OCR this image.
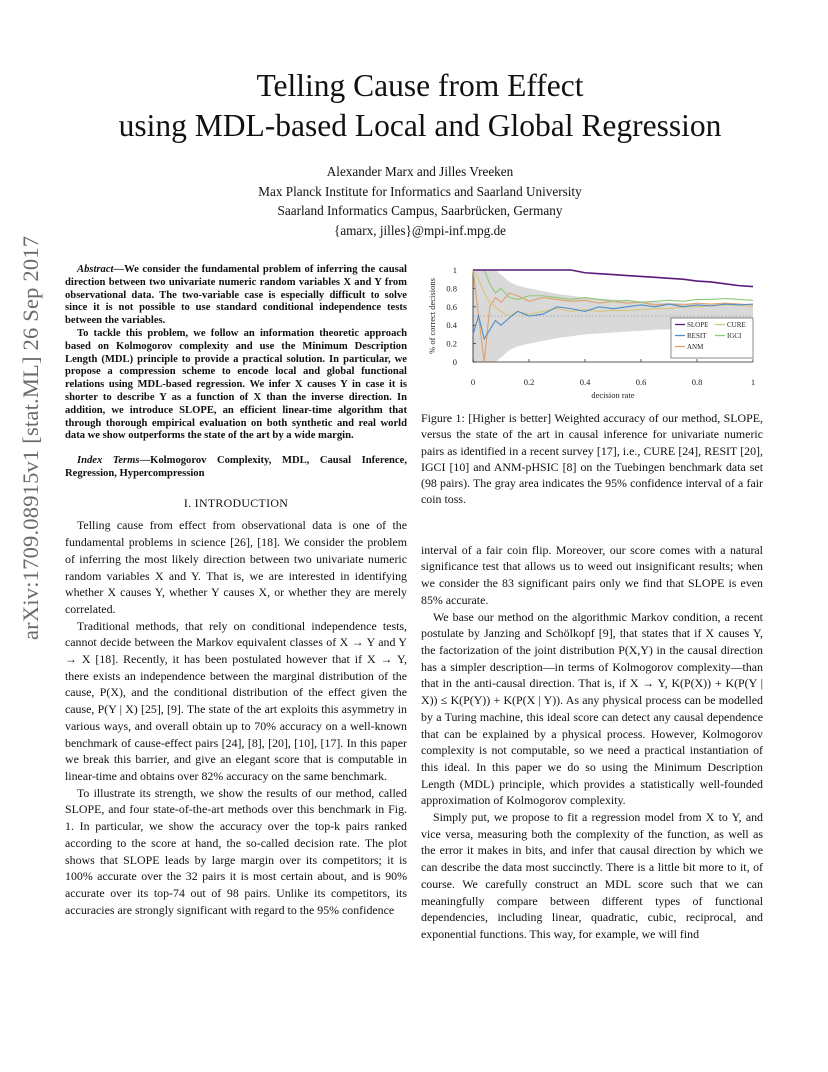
arXiv:1709.08915v1 [stat.ML] 26 Sep 2017
Telling Cause from Effect
using MDL-based Local and Global Regression
Alexander Marx and Jilles Vreeken
Max Planck Institute for Informatics and Saarland University
Saarland Informatics Campus, Saarbrücken, Germany
{amarx, jilles}@mpi-inf.mpg.de

Abstract—We consider the fundamental problem of inferring the causal direction between two univariate numeric random variables X and Y from observational data. The two-variable case is especially difficult to solve since it is not possible to use standard conditional independence tests between the variables.

To tackle this problem, we follow an information theoretic approach based on Kolmogorov complexity and use the Minimum Description Length (MDL) principle to provide a practical solution. In particular, we propose a compression scheme to encode local and global functional relations using MDL-based regression. We infer X causes Y in case it is shorter to describe Y as a function of X than the inverse direction. In addition, we introduce SLOPE, an efficient linear-time algorithm that through thorough empirical evaluation on both synthetic and real world data we show outperforms the state of the art by a wide margin.

Index Terms—Kolmogorov Complexity, MDL, Causal Inference, Regression, Hypercompression

I. INTRODUCTION

Telling cause from effect from observational data is one of the fundamental problems in science [26], [18]. We consider the problem of inferring the most likely direction between two univariate numeric random variables X and Y. That is, we are interested in identifying whether X causes Y, whether Y causes X, or whether they are merely correlated.

Traditional methods, that rely on conditional independence tests, cannot decide between the Markov equivalent classes of X → Y and Y → X [18]. Recently, it has been postulated however that if X → Y, there exists an independence between the marginal distribution of the cause, P(X), and the conditional distribution of the effect given the cause, P(Y | X) [25], [9]. The state of the art exploits this asymmetry in various ways, and overall obtain up to 70% accuracy on a well-known benchmark of cause-effect pairs [24], [8], [20], [10], [17]. In this paper we break this barrier, and give an elegant score that is computable in linear-time and obtains over 82% accuracy on the same benchmark.

To illustrate its strength, we show the results of our method, called SLOPE, and four state-of-the-art methods over this benchmark in Fig. 1. In particular, we show the accuracy over the top-k pairs ranked according to the score at hand, the so-called decision rate. The plot shows that SLOPE leads by large margin over its competitors; it is 100% accurate over the 32 pairs it is most certain about, and is 90% accurate over its top-74 out of 98 pairs. Unlike its competitors, its accuracies are strongly significant with regard to the 95% confidence

0	0.2	0.4	0.6	0.8	1
0
0.2
0.4
0.6
0.8
1
decision rate
% of correct decisions	SLOPE	CURE
RESIT	IGCI
ANM

Figure 1: [Higher is better] Weighted accuracy of our method, SLOPE, versus the state of the art in causal inference for univariate numeric pairs as identified in a recent survey [17], i.e., CURE [24], RESIT [20], IGCI [10] and ANM-pHSIC [8] on the Tuebingen benchmark data set (98 pairs). The gray area indicates the 95% confidence interval of a fair coin toss.

interval of a fair coin flip. Moreover, our score comes with a natural significance test that allows us to weed out insignificant results; when we consider the 83 significant pairs only we find that SLOPE is even 85% accurate.

We base our method on the algorithmic Markov condition, a recent postulate by Janzing and Schölkopf [9], that states that if X causes Y, the factorization of the joint distribution P(X,Y) in the causal direction has a simpler description—in terms of Kolmogorov complexity—than that in the anti-causal direction. That is, if X → Y, K(P(X)) + K(P(Y | X)) ≤ K(P(Y)) + K(P(X | Y)). As any physical process can be modelled by a Turing machine, this ideal score can detect any causal dependence that can be explained by a physical process. However, Kolmogorov complexity is not computable, so we need a practical instantiation of this ideal. In this paper we do so using the Minimum Description Length (MDL) principle, which provides a statistically well-founded approximation of Kolmogorov complexity.

Simply put, we propose to fit a regression model from X to Y, and vice versa, measuring both the complexity of the function, as well as the error it makes in bits, and infer that causal direction by which we can describe the data most succinctly. There is a little bit more to it, of course. We carefully construct an MDL score such that we can meaningfully compare between different types of functional dependencies, including linear, quadratic, cubic, reciprocal, and exponential functions. This way, for example, we will find
